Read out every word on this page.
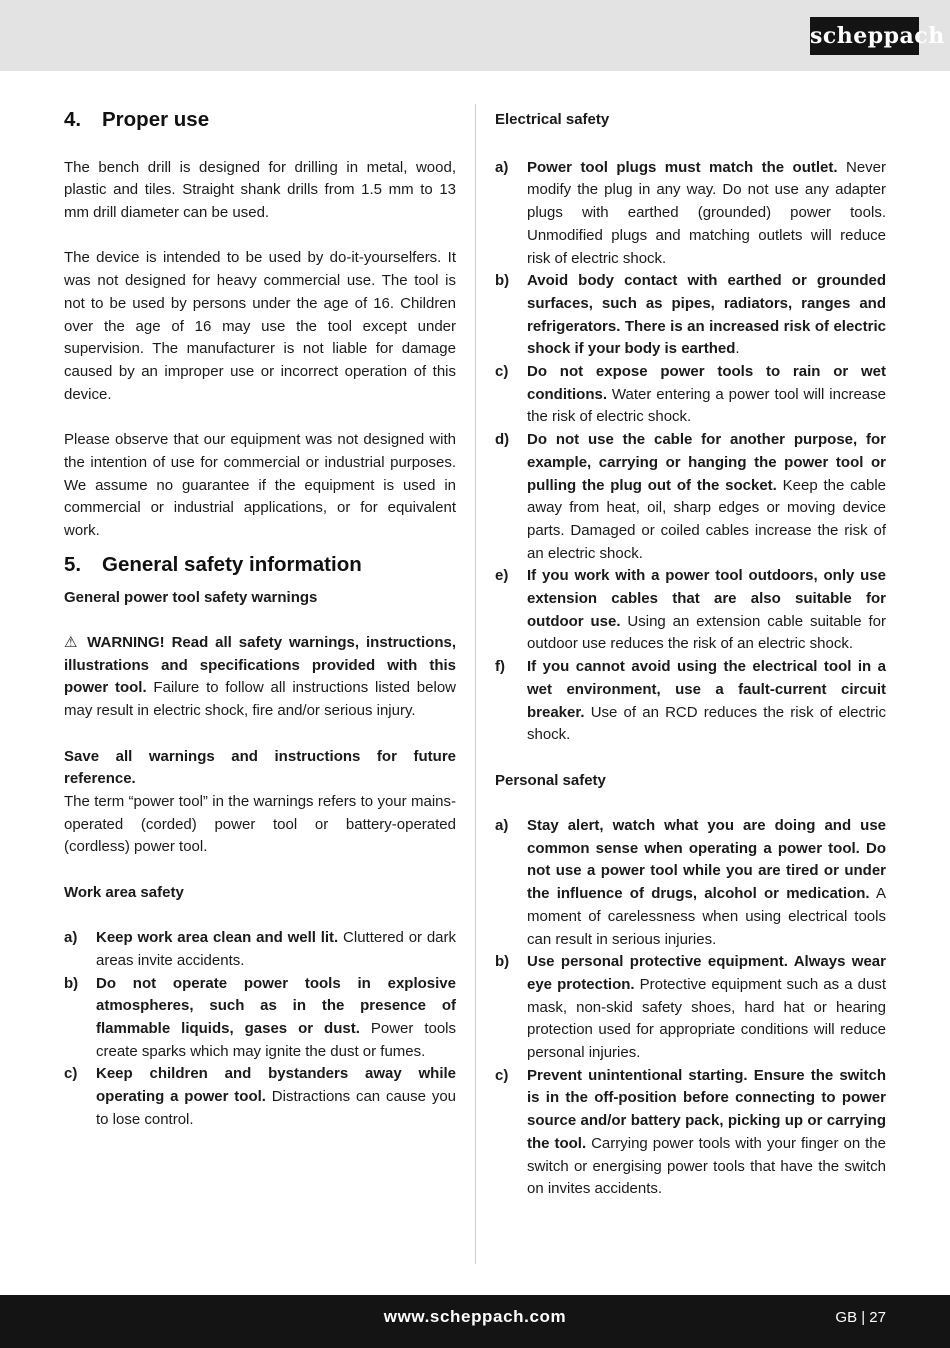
scheppach
4.	Proper use

The bench drill is designed for drilling in metal, wood, plastic and tiles. Straight shank drills from 1.5 mm to 13 mm drill diameter can be used.

The device is intended to be used by do-it-yourselfers. It was not designed for heavy commercial use. The tool is not to be used by persons under the age of 16. Children over the age of 16 may use the tool except under supervision. The manufacturer is not liable for damage caused by an improper use or incorrect operation of this device.

Please observe that our equipment was not designed with the intention of use for commercial or industrial purposes. We assume no guarantee if the equipment is used in commercial or industrial applications, or for equivalent work.

5.	General safety information

General power tool safety warnings

⚠ WARNING! Read all safety warnings, instructions, illustrations and specifications provided with this power tool. Failure to follow all instructions listed below may result in electric shock, fire and/or serious injury.

Save all warnings and instructions for future reference.

The term “power tool” in the warnings refers to your mains-operated (corded) power tool or battery-operated (cordless) power tool.

Work area safety

a)	Keep work area clean and well lit. Cluttered or dark areas invite accidents.
b)	Do not operate power tools in explosive atmospheres, such as in the presence of flammable liquids, gases or dust. Power tools create sparks which may ignite the dust or fumes.
c)	Keep children and bystanders away while operating a power tool. Distractions can cause you to lose control.

Electrical safety

a)	Power tool plugs must match the outlet. Never modify the plug in any way. Do not use any adapter plugs with earthed (grounded) power tools. Unmodified plugs and matching outlets will reduce risk of electric shock.
b)	Avoid body contact with earthed or grounded surfaces, such as pipes, radiators, ranges and refrigerators. There is an increased risk of electric shock if your body is earthed.
c)	Do not expose power tools to rain or wet conditions. Water entering a power tool will increase the risk of electric shock.
d)	Do not use the cable for another purpose, for example, carrying or hanging the power tool or pulling the plug out of the socket. Keep the cable away from heat, oil, sharp edges or moving device parts. Damaged or coiled cables increase the risk of an electric shock.
e)	If you work with a power tool outdoors, only use extension cables that are also suitable for outdoor use. Using an extension cable suitable for outdoor use reduces the risk of an electric shock.
f)	If you cannot avoid using the electrical tool in a wet environment, use a fault-current circuit breaker. Use of an RCD reduces the risk of electric shock.

Personal safety

a)	Stay alert, watch what you are doing and use common sense when operating a power tool. Do not use a power tool while you are tired or under the influence of drugs, alcohol or medication. A moment of carelessness when using electrical tools can result in serious injuries.
b)	Use personal protective equipment. Always wear eye protection. Protective equipment such as a dust mask, non-skid safety shoes, hard hat or hearing protection used for appropriate conditions will reduce personal injuries.
c)	Prevent unintentional starting. Ensure the switch is in the off-position before connecting to power source and/or battery pack, picking up or carrying the tool. Carrying power tools with your finger on the switch or energising power tools that have the switch on invites accidents.
www.scheppach.com	GB | 27
